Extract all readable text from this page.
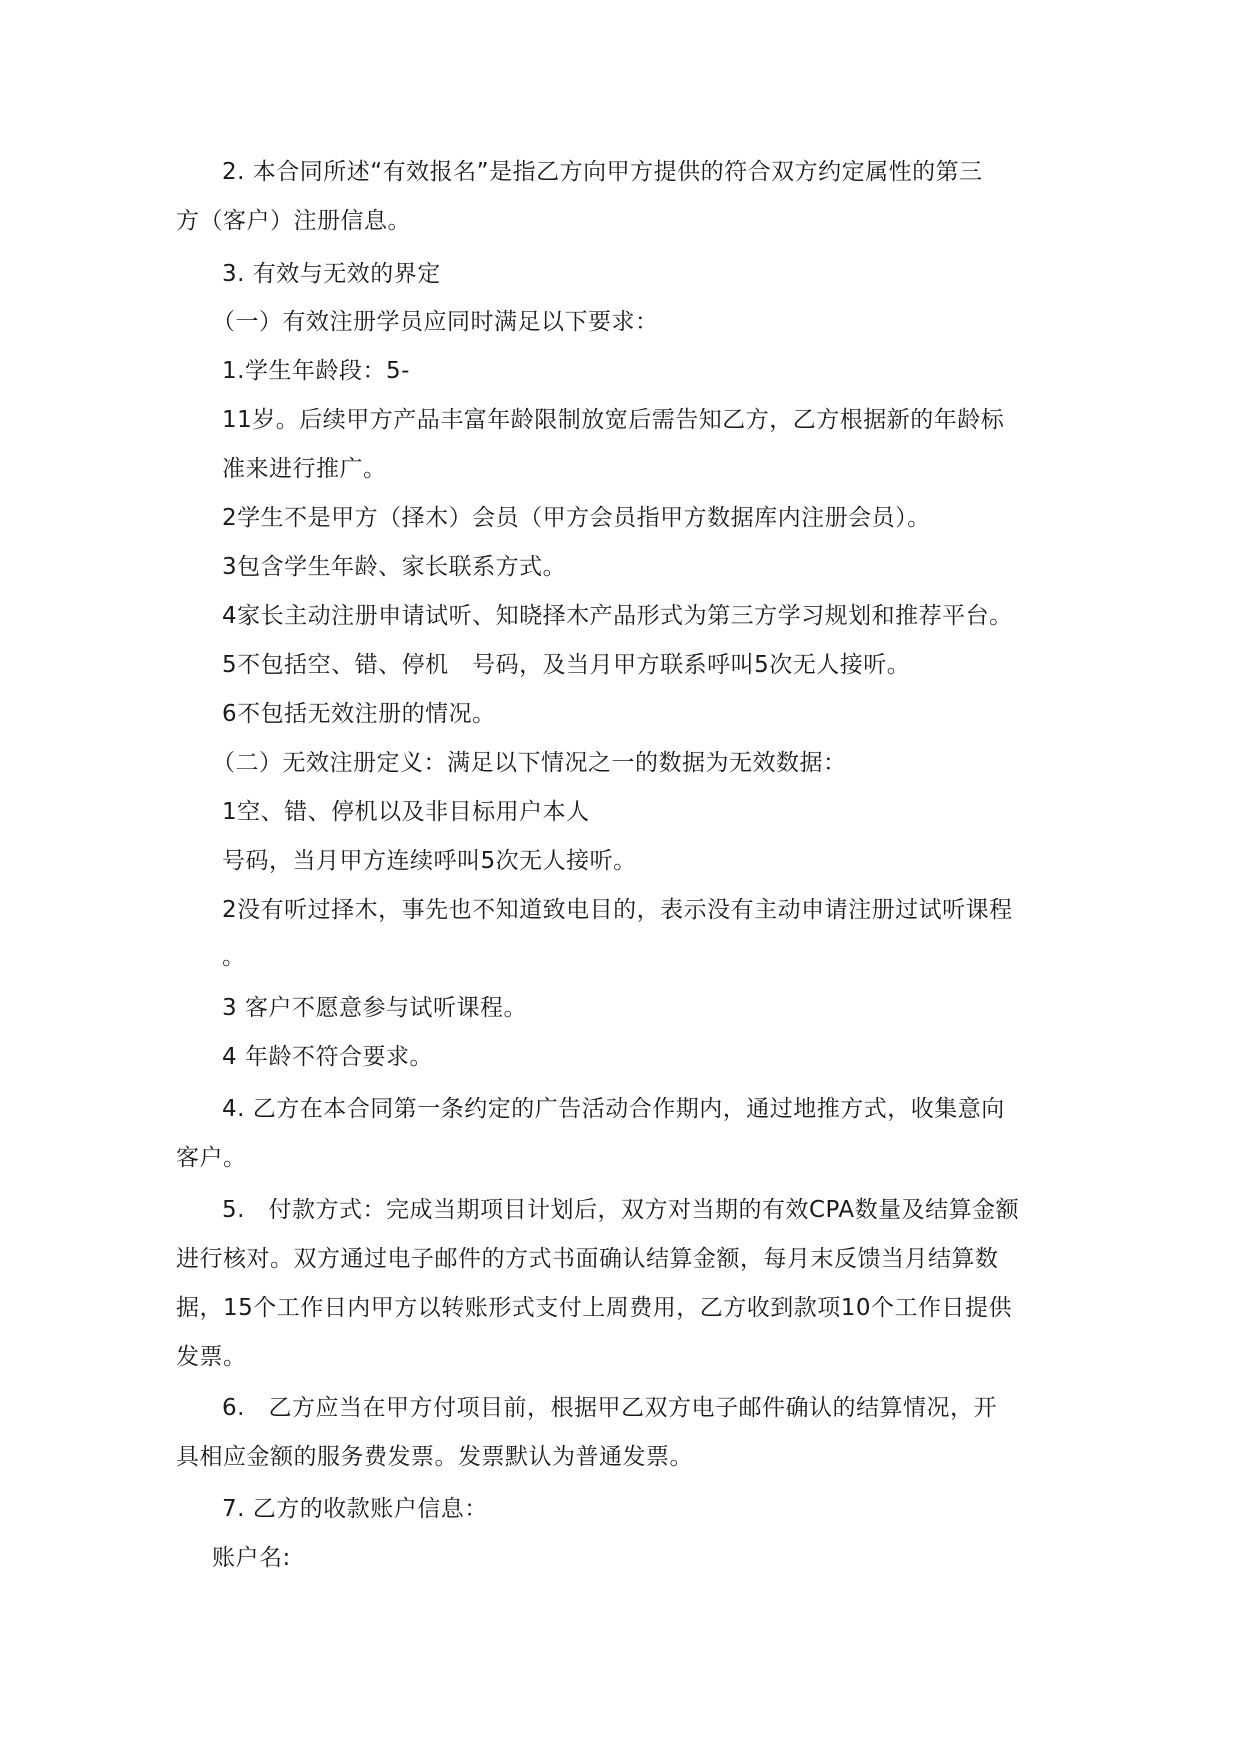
2. 本合同所述“有效报名”是指乙方向甲方提供的符合双方约定属性的第三
方（客户）注册信息。
3. 有效与无效的界定
（一）有效注册学员应同时满足以下要求：
1.学生年龄段：5-
11岁。后续甲方产品丰富年龄限制放宽后需告知乙方，乙方根据新的年龄标
准来进行推广。
2学生不是甲方（择木）会员（甲方会员指甲方数据库内注册会员）。
3包含学生年龄、家长联系方式。
4家长主动注册申请试听、知晓择木产品形式为第三方学习规划和推荐平台。
5不包括空、错、停机　号码，及当月甲方联系呼叫5次无人接听。
6不包括无效注册的情况。
（二）无效注册定义：满足以下情况之一的数据为无效数据：
1空、错、停机以及非目标用户本人
号码，当月甲方连续呼叫5次无人接听。
2没有听过择木，事先也不知道致电目的，表示没有主动申请注册过试听课程
。
3 客户不愿意参与试听课程。
4 年龄不符合要求。
4. 乙方在本合同第一条约定的广告活动合作期内，通过地推方式，收集意向
客户。
5.　付款方式：完成当期项目计划后，双方对当期的有效CPA数量及结算金额
进行核对。双方通过电子邮件的方式书面确认结算金额，每月末反馈当月结算数
据，15个工作日内甲方以转账形式支付上周费用，乙方收到款项10个工作日提供
发票。
6.　乙方应当在甲方付项目前，根据甲乙双方电子邮件确认的结算情况，开
具相应金额的服务费发票。发票默认为普通发票。
7. 乙方的收款账户信息：
账户名:
